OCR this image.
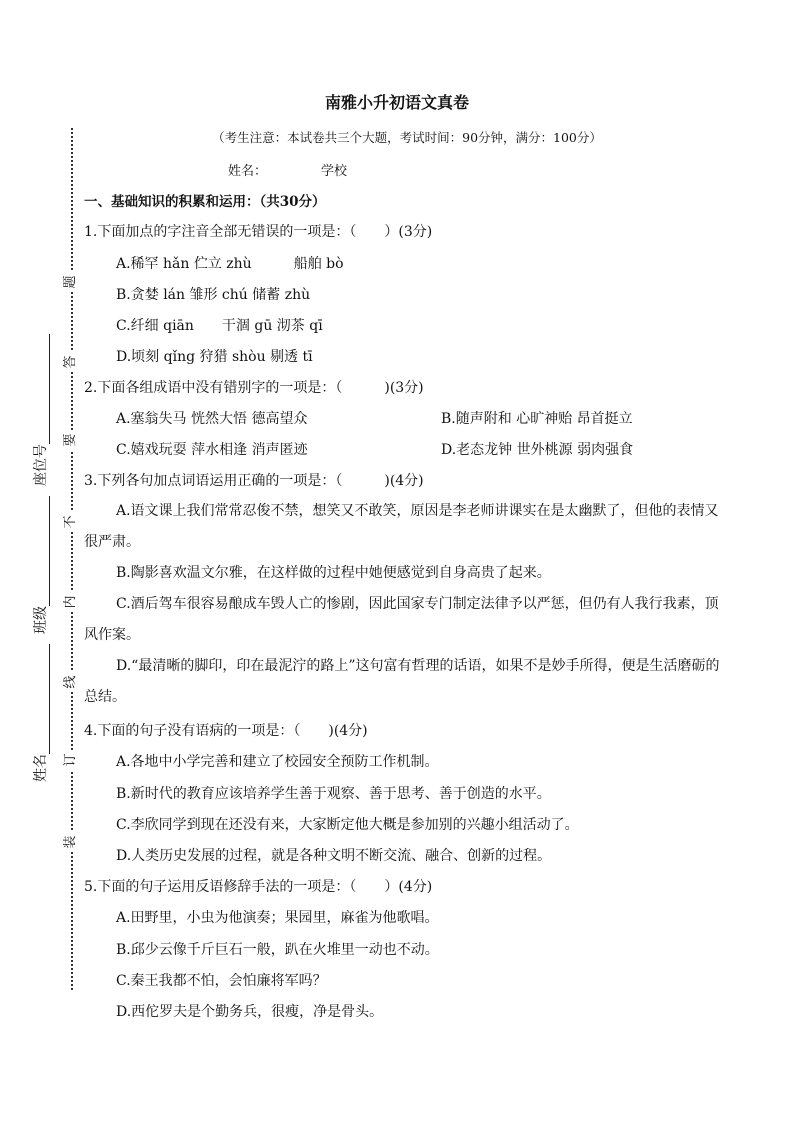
题
答
要
不
内
线
订
装
座位号
班级
姓名
南雅小升初语文真卷
（考生注意：本试卷共三个大题，考试时间：90分钟，满分：100分）
姓名：	学校
一、基础知识的积累和运用：（共30分）
1.下面加点的字注音全部无错误的一项是：（　　）(3分)
A.稀罕 hǎn 伫立 zhù　　　船舶 bò
B.贪婪 lán 雏形 chú 储蓄 zhù
C.纤细 qiān　　干涸 gū 沏茶 qī
D.顷刻 qǐng 狩猎 shòu 剔透 tī
2.下面各组成语中没有错别字的一项是：（　　　)(3分)
A.塞翁失马 恍然大悟 德高望众	B.随声附和 心旷神贻 昂首挺立
C.嬉戏玩耍 萍水相逢 消声匿迹	D.老态龙钟 世外桃源 弱肉强食
3.下列各句加点词语运用正确的一项是：（　　　)(4分)
A.语文课上我们常常忍俊不禁，想笑又不敢笑，原因是李老师讲课实在是太幽默了，但他的表情又很严肃。
B.陶影喜欢温文尔雅，在这样做的过程中她便感觉到自身高贵了起来。
C.酒后驾车很容易酿成车毁人亡的惨剧，因此国家专门制定法律予以严惩，但仍有人我行我素，顶风作案。
D.“最清晰的脚印，印在最泥泞的路上”这句富有哲理的话语，如果不是妙手所得，便是生活磨砺的总结。
4.下面的句子没有语病的一项是：（　　)(4分)
A.各地中小学完善和建立了校园安全预防工作机制。
B.新时代的教育应该培养学生善于观察、善于思考、善于创造的水平。
C.李欣同学到现在还没有来，大家断定他大概是参加别的兴趣小组活动了。
D.人类历史发展的过程，就是各种文明不断交流、融合、创新的过程。
5.下面的句子运用反语修辞手法的一项是：（　　）(4分)
A.田野里，小虫为他演奏；果园里，麻雀为他歌唱。
B.邱少云像千斤巨石一般，趴在火堆里一动也不动。
C.秦王我都不怕，会怕廉将军吗？
D.西佗罗夫是个勤务兵，很瘦，净是骨头。
